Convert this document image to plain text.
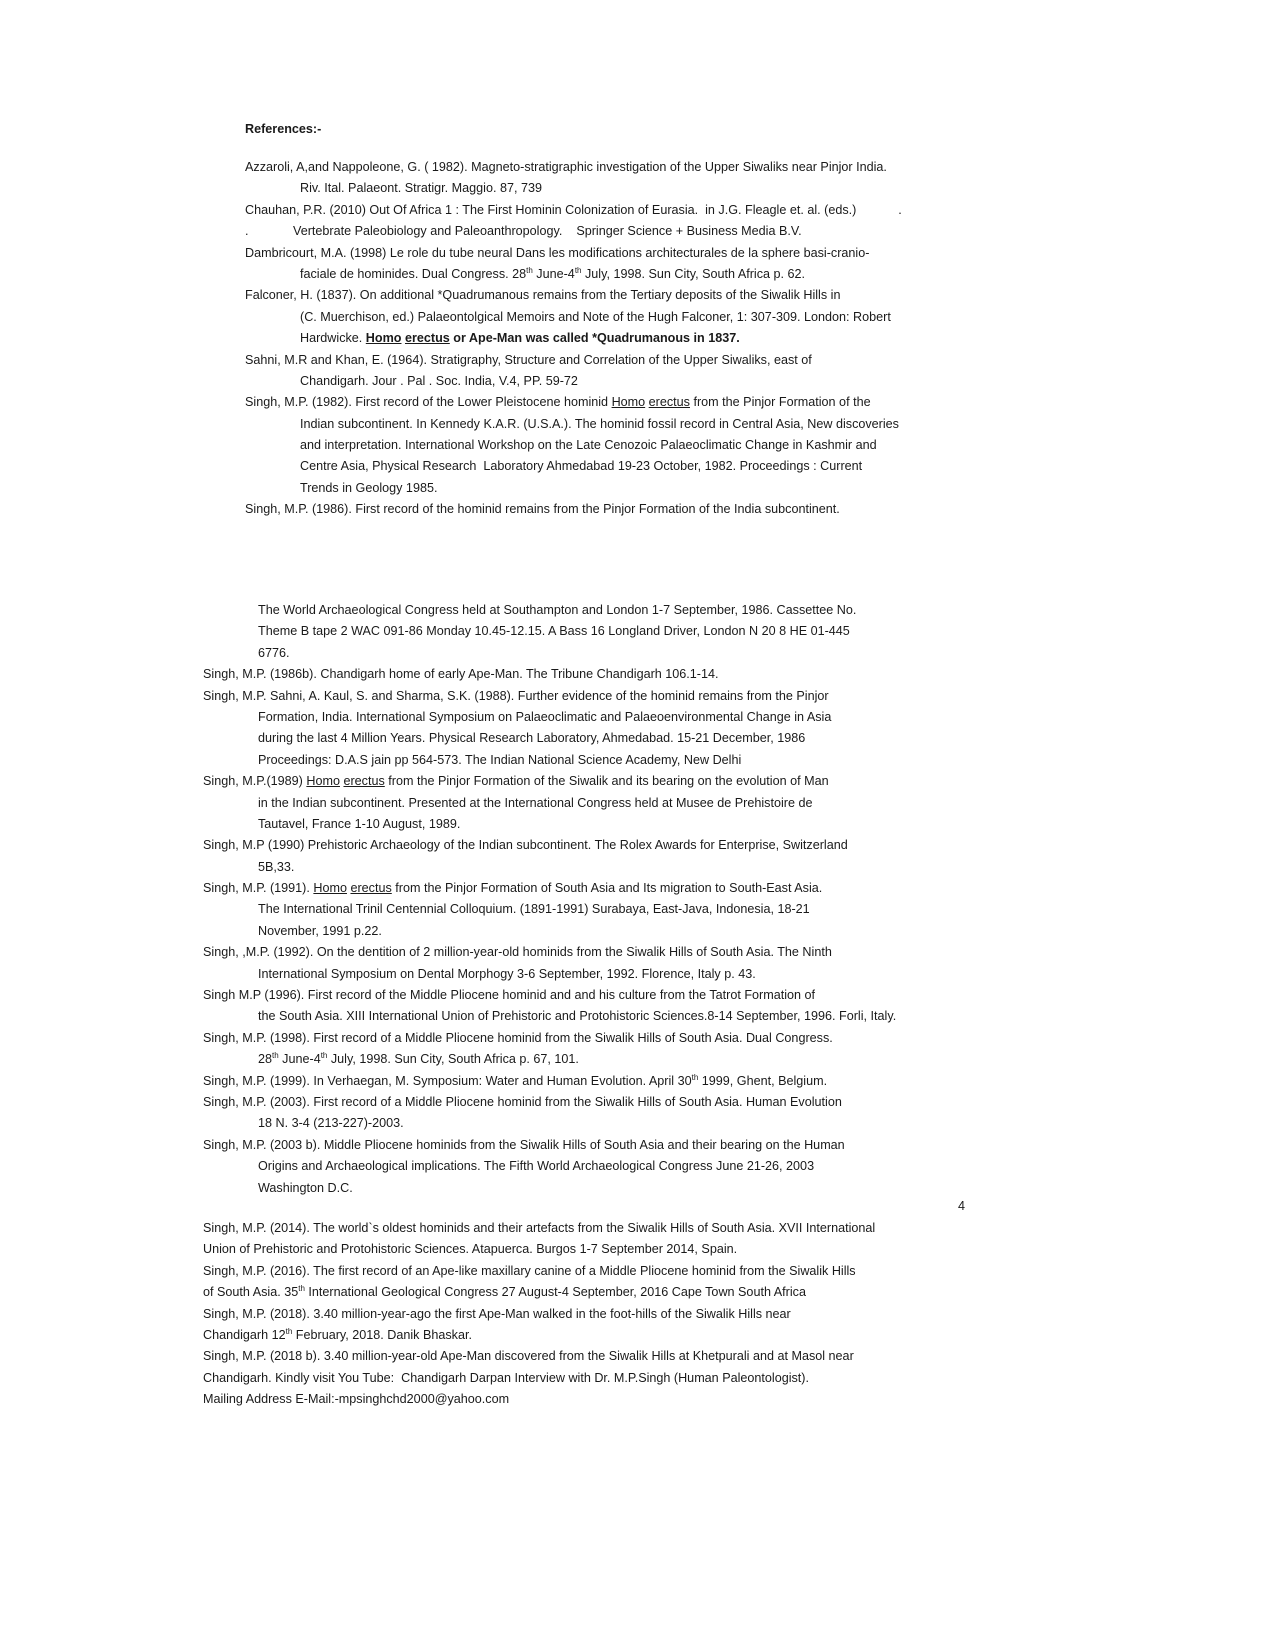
References:-
Azzaroli, A,and Nappoleone, G. ( 1982). Magneto-stratigraphic investigation of the Upper Siwaliks near Pinjor India.
Riv. Ital. Palaeont. Stratigr. Maggio. 87, 739
Chauhan, P.R. (2010) Out Of Africa 1 : The First Hominin Colonization of Eurasia.  in J.G. Fleagle et. al. (eds.)            .
.	Vertebrate Paleobiology and Paleoanthropology.    Springer Science + Business Media B.V.
Dambricourt, M.A. (1998) Le role du tube neural Dans les modifications architecturales de la sphere basi-cranio-
faciale de hominides. Dual Congress. 28th June-4th July, 1998. Sun City, South Africa p. 62.
Falconer, H. (1837). On additional *Quadrumanous remains from the Tertiary deposits of the Siwalik Hills in
(C. Muerchison, ed.) Palaeontolgical Memoirs and Note of the Hugh Falconer, 1: 307-309. London: Robert
Hardwicke. Homo erectus or Ape-Man was called *Quadrumanous in 1837.
Sahni, M.R and Khan, E. (1964). Stratigraphy, Structure and Correlation of the Upper Siwaliks, east of
Chandigarh. Jour . Pal . Soc. India, V.4, PP. 59-72
Singh, M.P. (1982). First record of the Lower Pleistocene hominid Homo erectus from the Pinjor Formation of the
Indian subcontinent. In Kennedy K.A.R. (U.S.A.). The hominid fossil record in Central Asia, New discoveries
and interpretation. International Workshop on the Late Cenozoic Palaeoclimatic Change in Kashmir and
Centre Asia, Physical Research  Laboratory Ahmedabad 19-23 October, 1982. Proceedings : Current
Trends in Geology 1985.
Singh, M.P. (1986). First record of the hominid remains from the Pinjor Formation of the India subcontinent.
The World Archaeological Congress held at Southampton and London 1-7 September, 1986. Cassettee No.
Theme B tape 2 WAC 091-86 Monday 10.45-12.15. A Bass 16 Longland Driver, London N 20 8 HE 01-445
6776.
Singh, M.P. (1986b). Chandigarh home of early Ape-Man. The Tribune Chandigarh 106.1-14.
Singh, M.P. Sahni, A. Kaul, S. and Sharma, S.K. (1988). Further evidence of the hominid remains from the Pinjor
Formation, India. International Symposium on Palaeoclimatic and Palaeoenvironmental Change in Asia
during the last 4 Million Years. Physical Research Laboratory, Ahmedabad. 15-21 December, 1986
Proceedings: D.A.S jain pp 564-573. The Indian National Science Academy, New Delhi
Singh, M.P.(1989) Homo erectus from the Pinjor Formation of the Siwalik and its bearing on the evolution of Man
in the Indian subcontinent. Presented at the International Congress held at Musee de Prehistoire de
Tautavel, France 1-10 August, 1989.
Singh, M.P (1990) Prehistoric Archaeology of the Indian subcontinent. The Rolex Awards for Enterprise, Switzerland
5B,33.
Singh, M.P. (1991). Homo erectus from the Pinjor Formation of South Asia and Its migration to South-East Asia.
The International Trinil Centennial Colloquium. (1891-1991) Surabaya, East-Java, Indonesia, 18-21
November, 1991 p.22.
Singh, ,M.P. (1992). On the dentition of 2 million-year-old hominids from the Siwalik Hills of South Asia. The Ninth
International Symposium on Dental Morphogy 3-6 September, 1992. Florence, Italy p. 43.
Singh M.P (1996). First record of the Middle Pliocene hominid and and his culture from the Tatrot Formation of
the South Asia. XIII International Union of Prehistoric and Protohistoric Sciences.8-14 September, 1996. Forli, Italy.
Singh, M.P. (1998). First record of a Middle Pliocene hominid from the Siwalik Hills of South Asia. Dual Congress.
28th June-4th July, 1998. Sun City, South Africa p. 67, 101.
Singh, M.P. (1999). In Verhaegan, M. Symposium: Water and Human Evolution. April 30th 1999, Ghent, Belgium.
Singh, M.P. (2003). First record of a Middle Pliocene hominid from the Siwalik Hills of South Asia. Human Evolution
18 N. 3-4 (213-227)-2003.
Singh, M.P. (2003 b). Middle Pliocene hominids from the Siwalik Hills of South Asia and their bearing on the Human
Origins and Archaeological implications. The Fifth World Archaeological Congress June 21-26, 2003
Washington D.C.
4
Singh, M.P. (2014). The world`s oldest hominids and their artefacts from the Siwalik Hills of South Asia. XVII International
Union of Prehistoric and Protohistoric Sciences. Atapuerca. Burgos 1-7 September 2014, Spain.
Singh, M.P. (2016). The first record of an Ape-like maxillary canine of a Middle Pliocene hominid from the Siwalik Hills
of South Asia. 35th International Geological Congress 27 August-4 September, 2016 Cape Town South Africa
Singh, M.P. (2018). 3.40 million-year-ago the first Ape-Man walked in the foot-hills of the Siwalik Hills near
Chandigarh 12th February, 2018. Danik Bhaskar.
Singh, M.P. (2018 b). 3.40 million-year-old Ape-Man discovered from the Siwalik Hills at Khetpurali and at Masol near
Chandigarh. Kindly visit You Tube:  Chandigarh Darpan Interview with Dr. M.P.Singh (Human Paleontologist).
Mailing Address E-Mail:-mpsinghchd2000@yahoo.com
